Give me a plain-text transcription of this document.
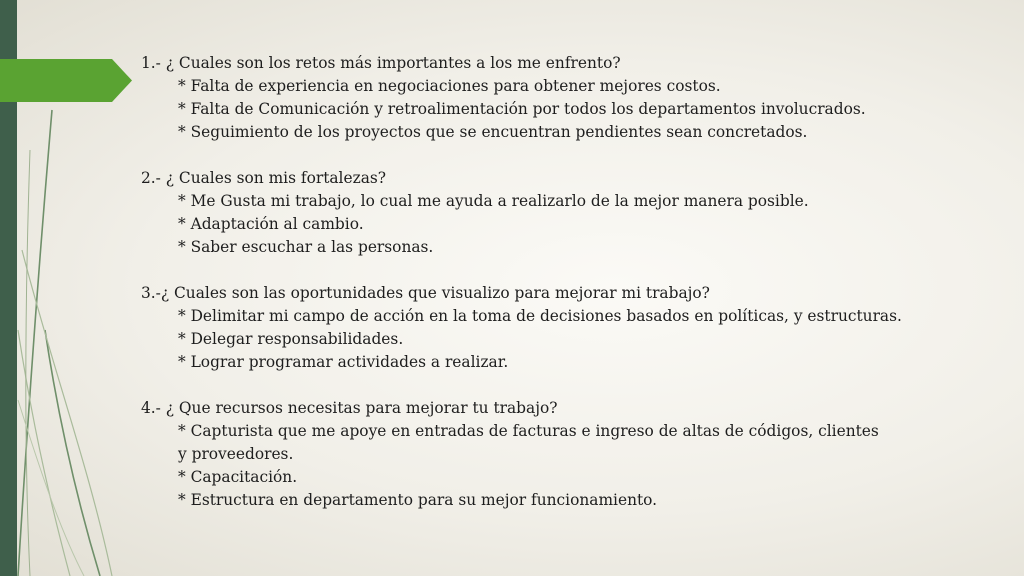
1.- ¿ Cuales son los retos más importantes a los me enfrento?

* Falta de experiencia en negociaciones para obtener mejores costos.

* Falta de Comunicación y retroalimentación por todos los departamentos involucrados.

* Seguimiento de los proyectos que se encuentran pendientes sean concretados.

2.- ¿ Cuales son mis fortalezas?

* Me Gusta mi trabajo, lo cual me ayuda a realizarlo de la mejor manera posible.

* Adaptación al cambio.

* Saber escuchar a las personas.

3.-¿ Cuales son las oportunidades que visualizo para mejorar mi trabajo?

* Delimitar mi campo de acción en la toma de decisiones basados en políticas, y estructuras.

* Delegar responsabilidades.

* Lograr programar actividades a realizar.

4.- ¿ Que recursos necesitas para mejorar tu trabajo?

* Capturista que me apoye en entradas de facturas e ingreso de altas de códigos, clientes y proveedores.

* Capacitación.

* Estructura en departamento para su mejor funcionamiento.
